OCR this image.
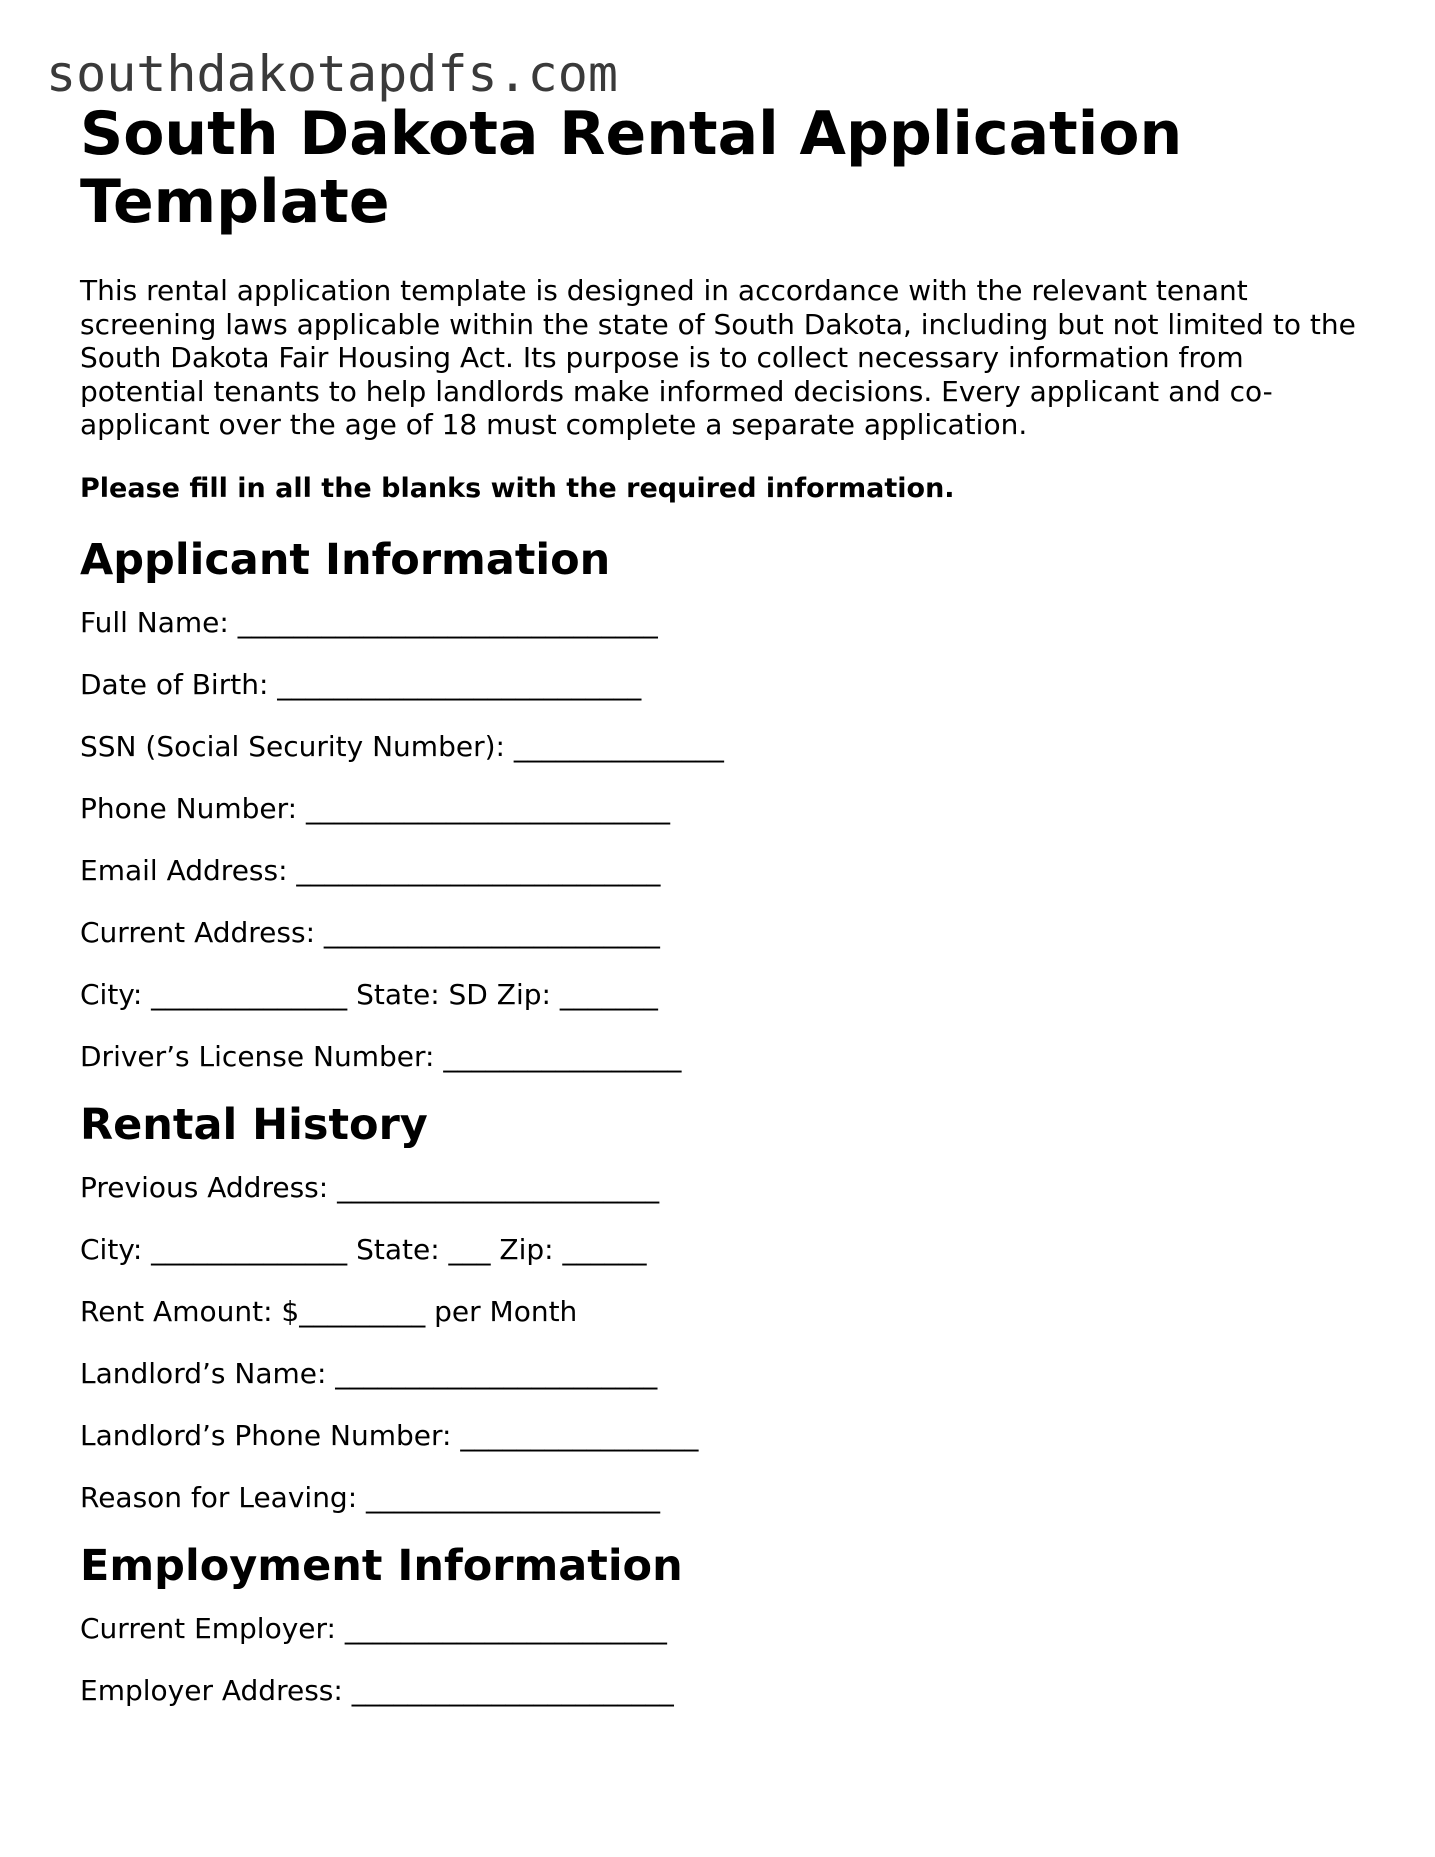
southdakotapdfs.com
South Dakota Rental Application Template

This rental application template is designed in accordance with the relevant tenant screening laws applicable within the state of South Dakota, including but not limited to the South Dakota Fair Housing Act. Its purpose is to collect necessary information from potential tenants to help landlords make informed decisions. Every applicant and co-applicant over the age of 18 must complete a separate application.

Please fill in all the blanks with the required information.

Applicant Information
Full Name: ______________________________
Date of Birth: __________________________
SSN (Social Security Number): _______________
Phone Number: __________________________
Email Address: __________________________
Current Address: ________________________
City: ______________ State: SD Zip: _______
Driver’s License Number: _________________
Rental History
Previous Address: _______________________
City: ______________ State: ___ Zip: ______
Rent Amount: $_________ per Month
Landlord’s Name: _______________________
Landlord’s Phone Number: _________________
Reason for Leaving: _____________________
Employment Information
Current Employer: _______________________
Employer Address: _______________________
